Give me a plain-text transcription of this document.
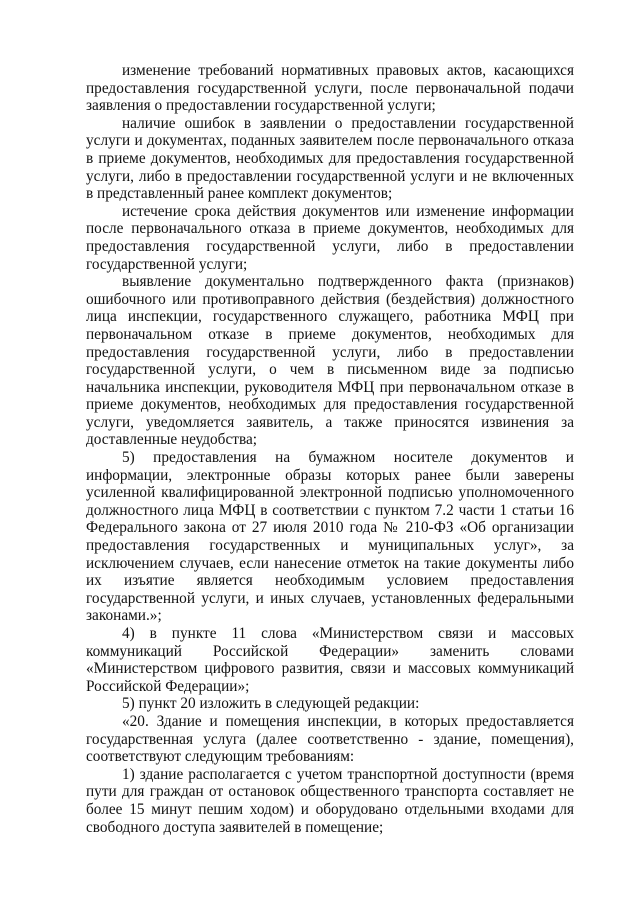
изменение требований нормативных правовых актов, касающихся предоставления государственной услуги, после первоначальной подачи заявления о предоставлении государственной услуги;

наличие ошибок в заявлении о предоставлении государственной услуги и документах, поданных заявителем после первоначального отказа в приеме документов, необходимых для предоставления государственной услуги, либо в предоставлении государственной услуги и не включенных в представленный ранее комплект документов;

истечение срока действия документов или изменение информации после первоначального отказа в приеме документов, необходимых для предоставления государственной услуги, либо в предоставлении государственной услуги;

выявление документально подтвержденного факта (признаков) ошибочного или противоправного действия (бездействия) должностного лица инспекции, государственного служащего, работника МФЦ при первоначальном отказе в приеме документов, необходимых для предоставления государственной услуги, либо в предоставлении государственной услуги, о чем в письменном виде за подписью начальника инспекции, руководителя МФЦ при первоначальном отказе в приеме документов, необходимых для предоставления государственной услуги, уведомляется заявитель, а также приносятся извинения за доставленные неудобства;

5) предоставления на бумажном носителе документов и информации, электронные образы которых ранее были заверены усиленной квалифицированной электронной подписью уполномоченного должностного лица МФЦ в соответствии с пунктом 7.2 части 1 статьи 16 Федерального закона от 27 июля 2010 года № 210-ФЗ «Об организации предоставления государственных и муниципальных услуг», за исключением случаев, если нанесение отметок на такие документы либо их изъятие является необходимым условием предоставления государственной услуги, и иных случаев, установленных федеральными законами.»;

4) в пункте 11 слова «Министерством связи и массовых коммуникаций Российской Федерации» заменить словами «Министерством цифрового развития, связи и массовых коммуникаций Российской Федерации»;

5) пункт 20 изложить в следующей редакции:

«20. Здание и помещения инспекции, в которых предоставляется государственная услуга (далее соответственно - здание, помещения), соответствуют следующим требованиям:

1) здание располагается с учетом транспортной доступности (время пути для граждан от остановок общественного транспорта составляет не более 15 минут пешим ходом) и оборудовано отдельными входами для свободного доступа заявителей в помещение;
